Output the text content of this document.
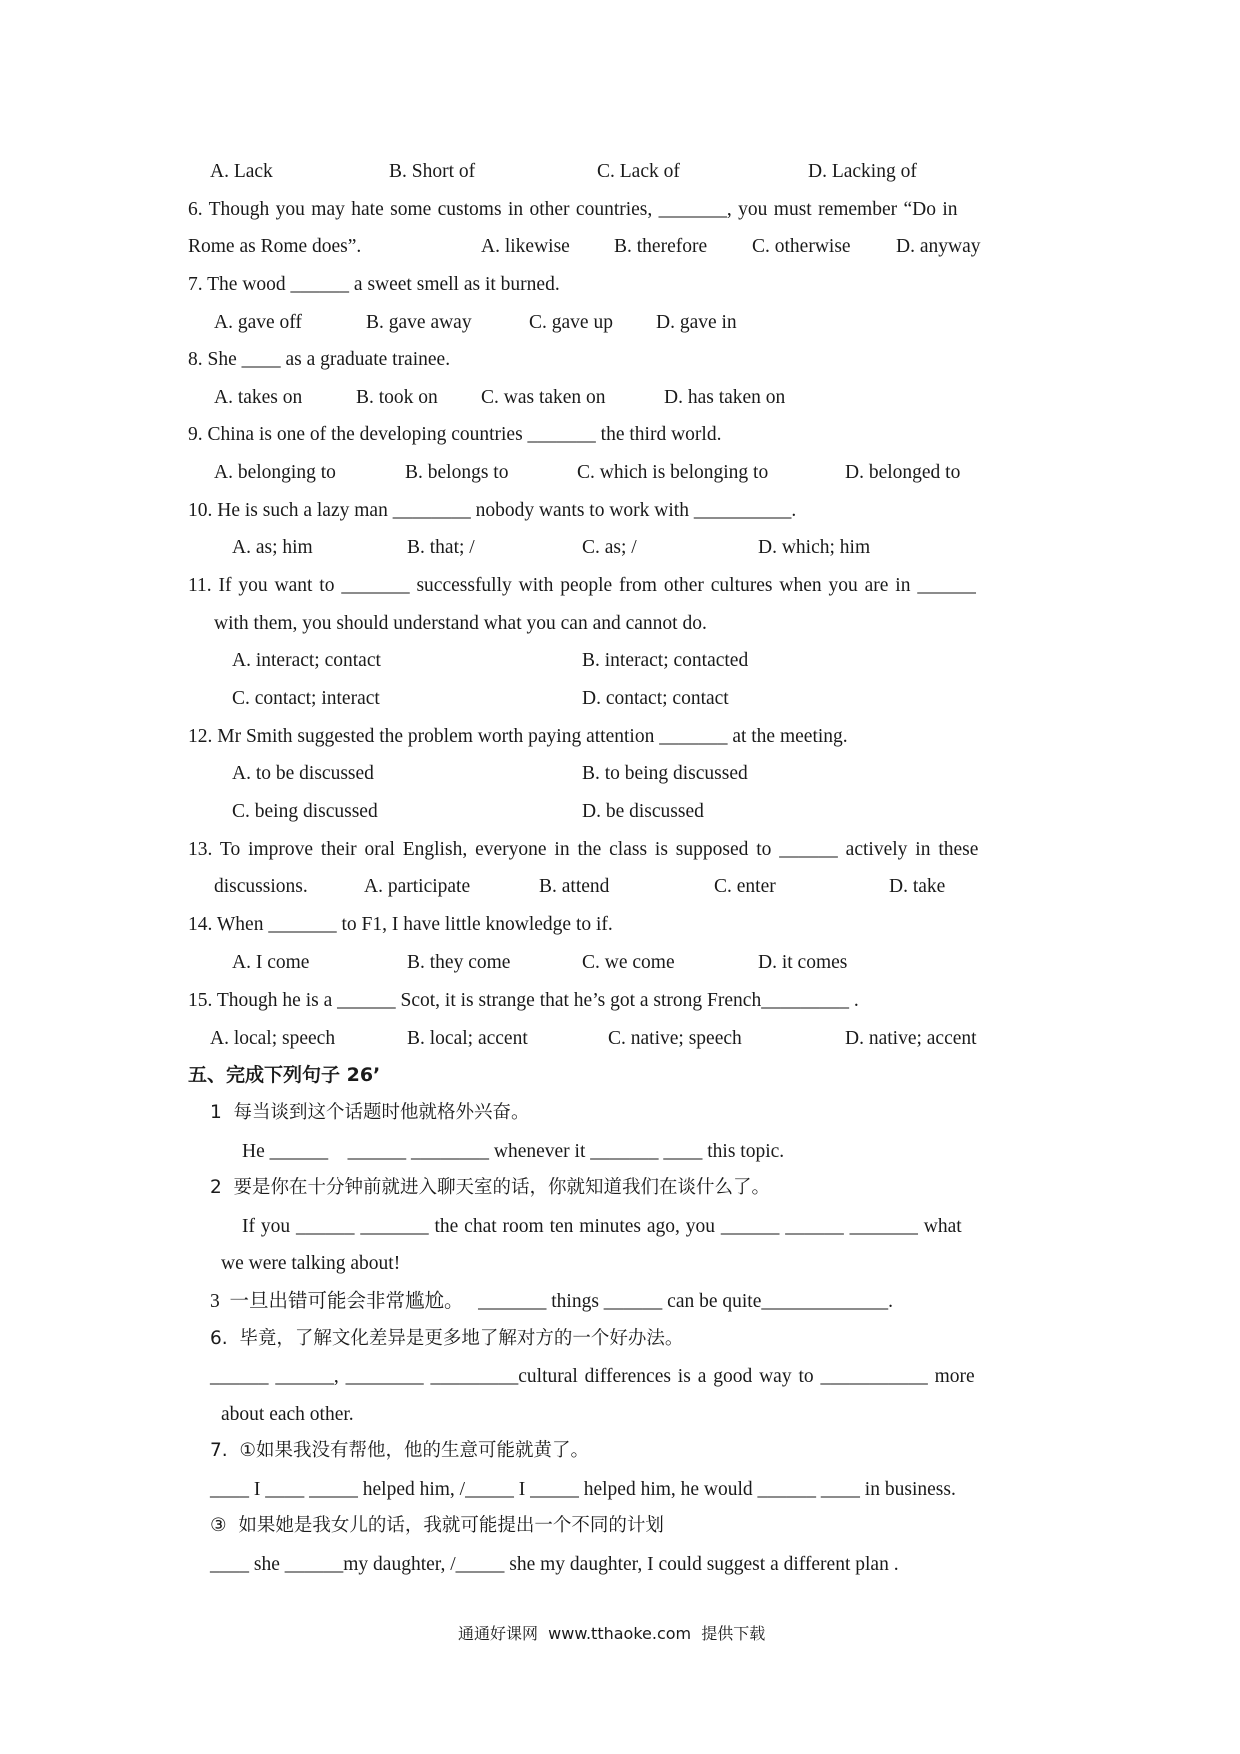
A. Lack	B. Short of	C. Lack of	D. Lacking of
6. Though you may hate some customs in other countries, _______, you must remember “Do in
Rome as Rome does”.	A. likewise B. therefore C. otherwise D. anyway
7. The wood ______ a sweet smell as it burned.
A. gave off	B. gave away	C. gave up D. gave in
8. She ____ as a graduate trainee.
A. takes on	B. took on C. was taken on	D. has taken on
9. China is one of the developing countries _______ the third world.
A. belonging to	B. belongs to	C. which is belonging to	D. belonged to
10. He is such a lazy man ________ nobody wants to work with __________.
A. as; him	B. that; /	C. as; /	D. which; him
11. If you want to _______ successfully with people from other cultures when you are in ______
with them, you should understand what you can and cannot do.
A. interact; contact	B. interact; contacted
C. contact; interact	D. contact; contact
12. Mr Smith suggested the problem worth paying attention _______ at the meeting.
A. to be discussed	B. to being discussed
C. being discussed	D. be discussed
13. To improve their oral English, everyone in the class is supposed to ______ actively in these
discussions.	A. participate	B. attend	C. enter	D. take
14. When _______ to F1, I have little knowledge to if.
A. I come	B. they come	C. we come	D. it comes
15. Though he is a ______ Scot, it is strange that he’s got a strong French_________ .
A. local; speech	B. local; accent	C. native; speech	D. native; accent
五、完成下列句子 26’
1  每当谈到这个话题时他就格外兴奋。
He ______    ______ ________ whenever it _______ ____ this topic.
2  要是你在十分钟前就进入聊天室的话，你就知道我们在谈什么了。
If you ______ _______ the chat room ten minutes ago, you ______ ______ _______ what
we were talking about!
3  一旦出错可能会非常尴尬。   _______ things ______ can be quite_____________.
6.  毕竟，了解文化差异是更多地了解对方的一个好办法。
______ ______, ________ _________cultural differences is a good way to ___________ more
about each other.
7.  ①如果我没有帮他，他的生意可能就黄了。
____ I ____ _____ helped him, /_____ I _____ helped him, he would ______ ____ in business.
③  如果她是我女儿的话，我就可能提出一个不同的计划
____ she ______my daughter, /_____ she my daughter, I could suggest a different plan .
通通好课网  www.tthaoke.com  提供下载
